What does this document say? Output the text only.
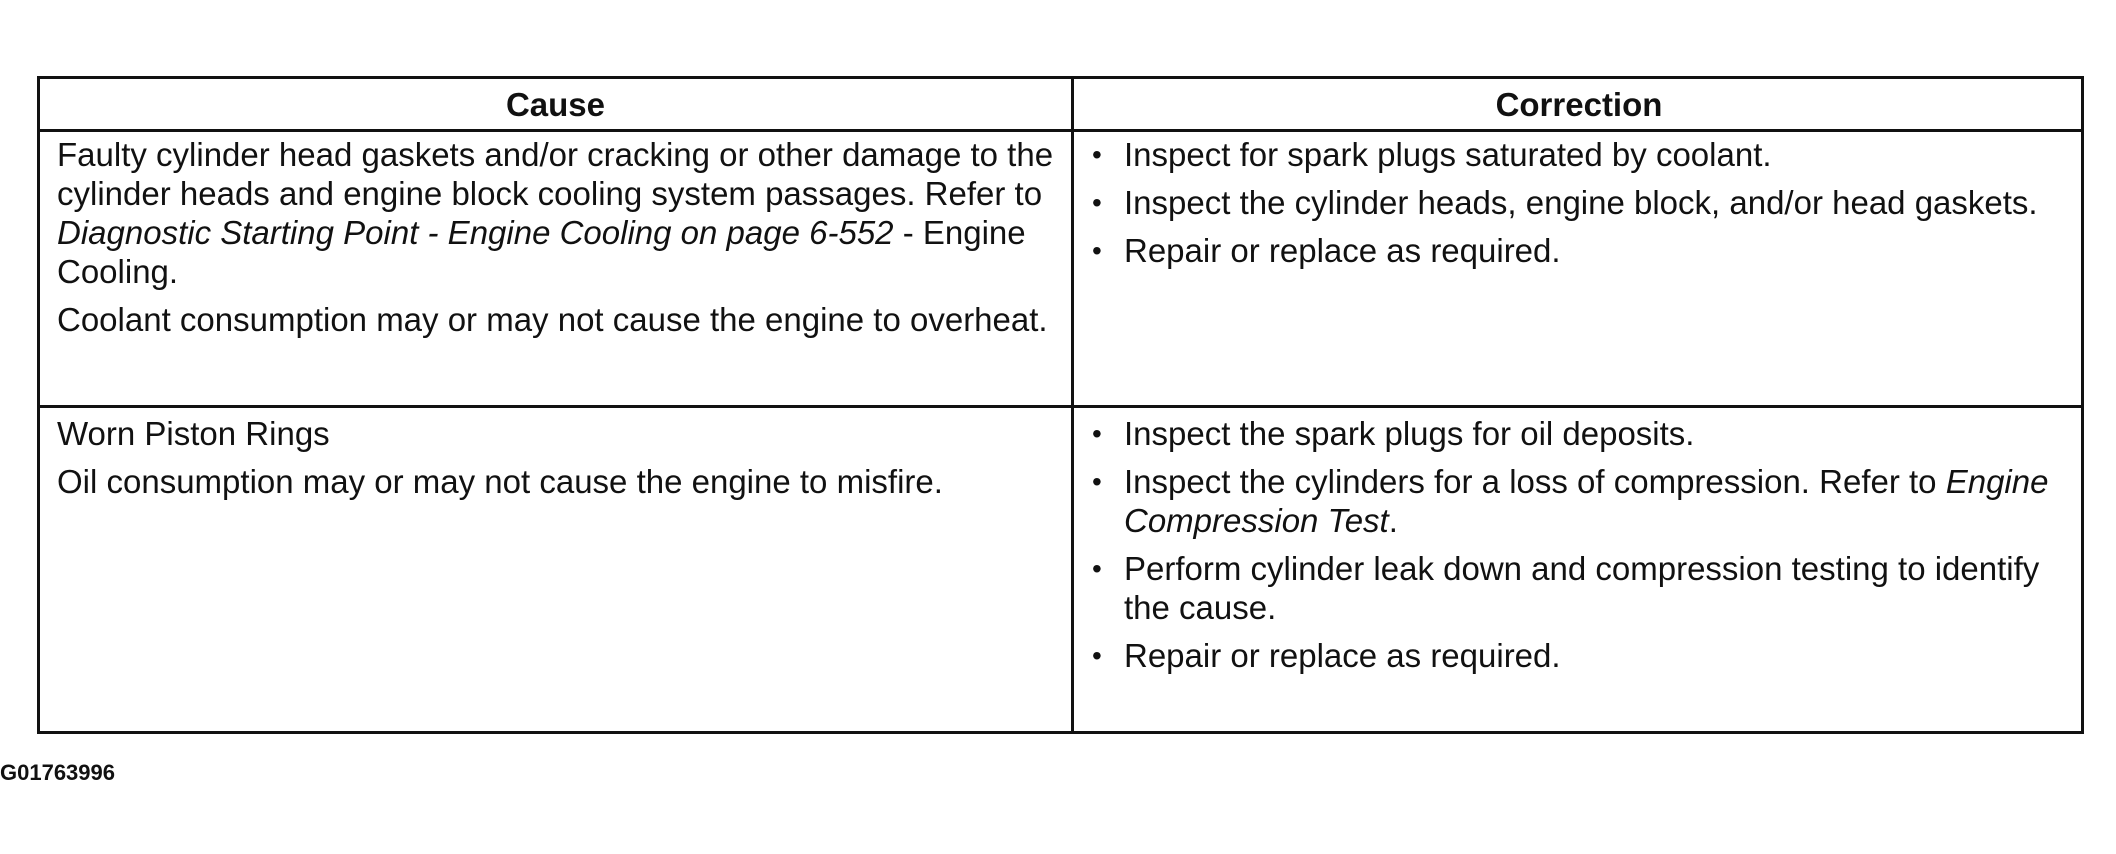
Cause	Correction

Faulty cylinder head gaskets and/or cracking or other damage to the cylinder heads and engine block cooling system passages. Refer to Diagnostic Starting Point - Engine Cooling on page 6-552 - Engine Cooling.

Coolant consumption may or may not cause the engine to overheat.

• Inspect for spark plugs saturated by coolant.
• Inspect the cylinder heads, engine block, and/or head gaskets.
• Repair or replace as required.

Worn Piston Rings

Oil consumption may or may not cause the engine to misfire.

• Inspect the spark plugs for oil deposits.
• Inspect the cylinders for a loss of compression. Refer to Engine Compression Test.
• Perform cylinder leak down and compression testing to identify the cause.
• Repair or replace as required.
G01763996
